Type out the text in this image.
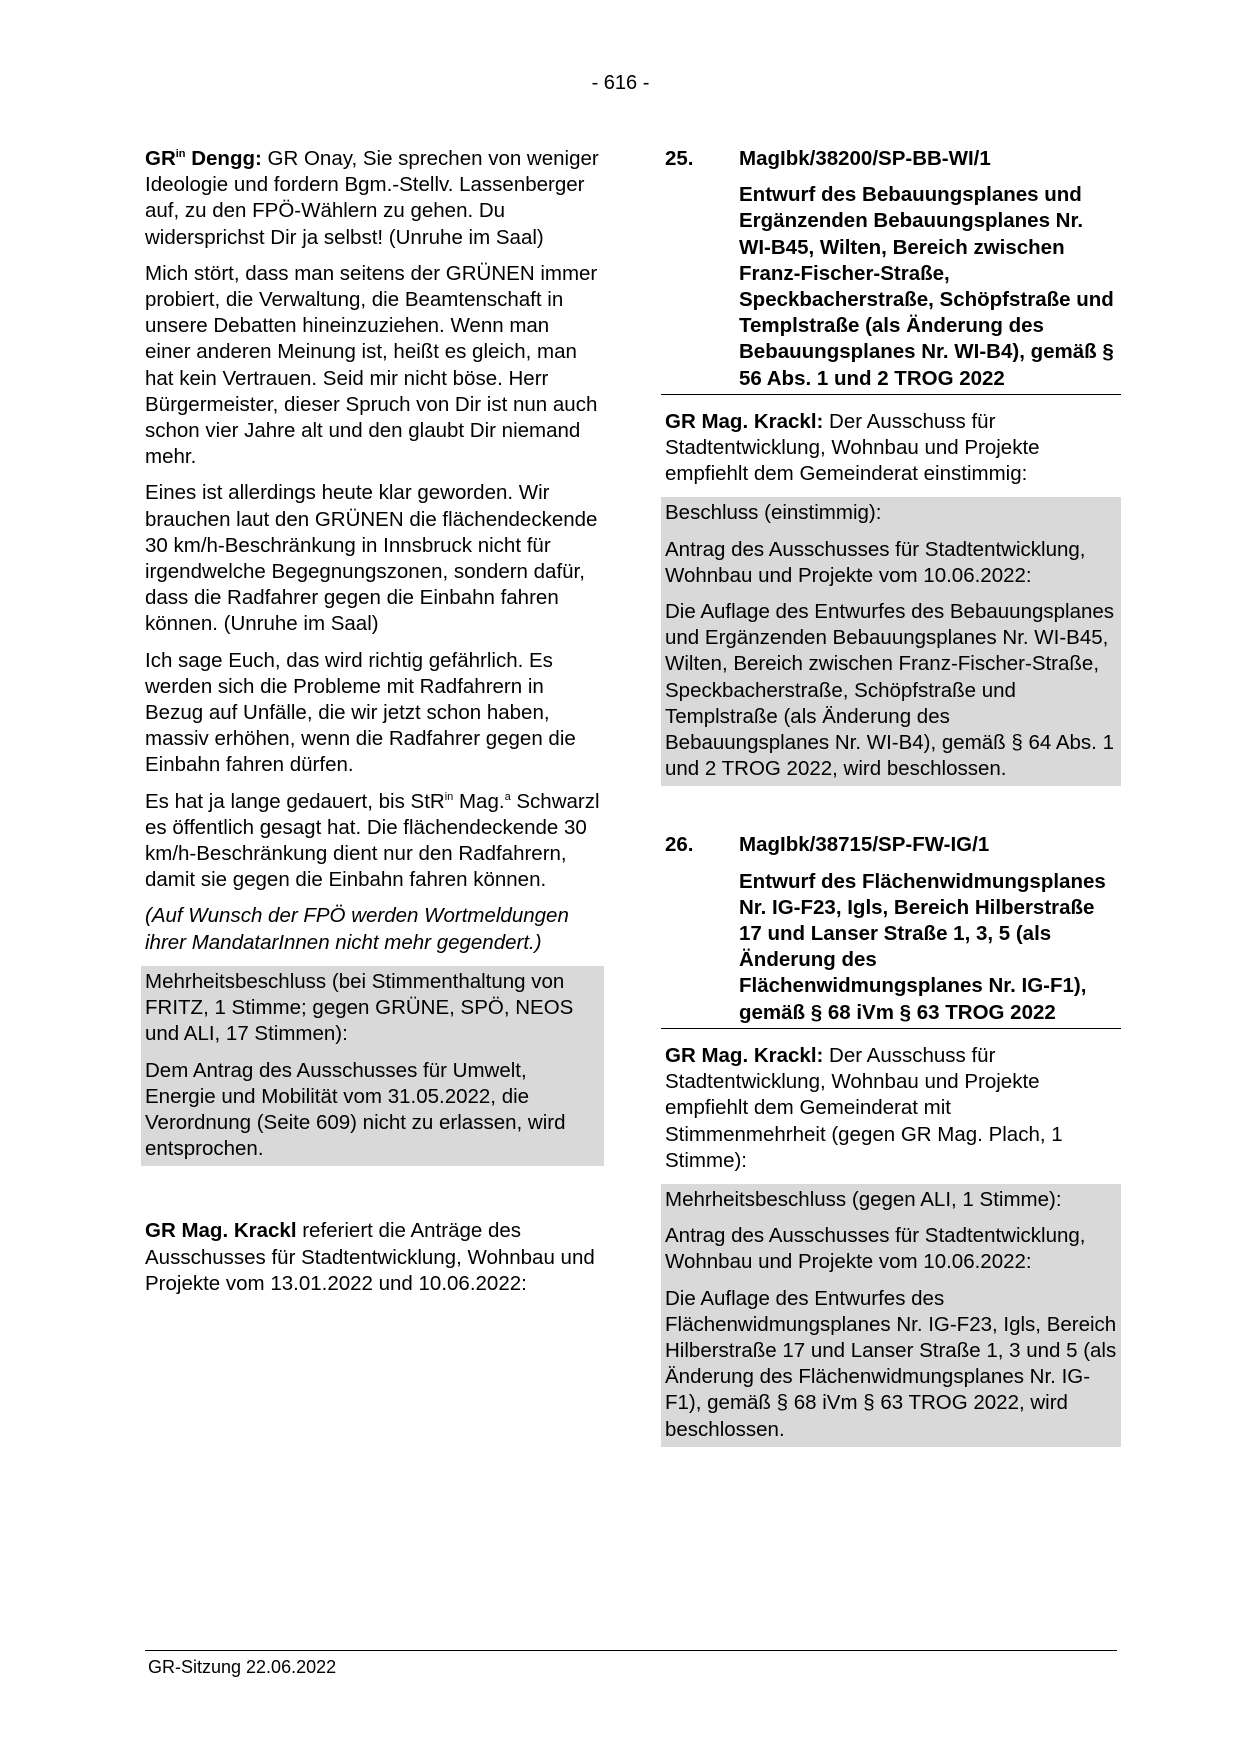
- 616 -

$GR^{in}$ Dengg: GR Onay, Sie sprechen von weniger Ideologie und fordern Bgm.-Stellv. Lassenberger auf, zu den FPÖ-Wählern zu gehen. Du widersprichst Dir ja selbst! (Unruhe im Saal)

Mich stört, dass man seitens der GRÜNEN immer probiert, die Verwaltung, die Beamtenschaft in unsere Debatten hineinzuziehen. Wenn man einer anderen Meinung ist, heißt es gleich, man hat kein Vertrauen. Seid mir nicht böse. Herr Bürgermeister, dieser Spruch von Dir ist nun auch schon vier Jahre alt und den glaubt Dir niemand mehr.

Eines ist allerdings heute klar geworden. Wir brauchen laut den GRÜNEN die flächendeckende 30 km/h-Beschränkung in Innsbruck nicht für irgendwelche Begegnungszonen, sondern dafür, dass die Radfahrer gegen die Einbahn fahren können. (Unruhe im Saal)

Ich sage Euch, das wird richtig gefährlich. Es werden sich die Probleme mit Radfahrern in Bezug auf Unfälle, die wir jetzt schon haben, massiv erhöhen, wenn die Radfahrer gegen die Einbahn fahren dürfen.

Es hat ja lange gedauert, bis StR$^{in}$ Mag.$^a$ Schwarzl es öffentlich gesagt hat. Die flächendeckende 30 km/h-Beschränkung dient nur den Radfahrern, damit sie gegen die Einbahn fahren können.

(Auf Wunsch der FPÖ werden Wortmeldungen ihrer MandatarInnen nicht mehr gegendert.)

Mehrheitsbeschluss (bei Stimmenthaltung von FRITZ, 1 Stimme; gegen GRÜNE, SPÖ, NEOS und ALI, 17 Stimmen):

Dem Antrag des Ausschusses für Umwelt, Energie und Mobilität vom 31.05.2022, die Verordnung (Seite 609) nicht zu erlassen, wird entsprochen.

GR Mag. Krackl referiert die Anträge des Ausschusses für Stadtentwicklung, Wohnbau und Projekte vom 13.01.2022 und 10.06.2022:

25.	MagIbk/38200/SP-BB-WI/1
Entwurf des Bebauungsplanes und Ergänzenden Bebauungsplanes Nr. WI-B45, Wilten, Bereich zwischen Franz-Fischer-Straße, Speckbacherstraße, Schöpfstraße und Templstraße (als Änderung des Bebauungsplanes Nr. WI-B4), gemäß § 56 Abs. 1 und 2 TROG 2022

GR Mag. Krackl: Der Ausschuss für Stadtentwicklung, Wohnbau und Projekte empfiehlt dem Gemeinderat einstimmig:

Beschluss (einstimmig):

Antrag des Ausschusses für Stadtentwicklung, Wohnbau und Projekte vom 10.06.2022:

Die Auflage des Entwurfes des Bebauungsplanes und Ergänzenden Bebauungsplanes Nr. WI-B45, Wilten, Bereich zwischen Franz-Fischer-Straße, Speckbacherstraße, Schöpfstraße und Templstraße (als Änderung des Bebauungsplanes Nr. WI-B4), gemäß § 64 Abs. 1 und 2 TROG 2022, wird beschlossen.

26.	MagIbk/38715/SP-FW-IG/1
Entwurf des Flächenwidmungsplanes Nr. IG-F23, Igls, Bereich Hilberstraße 17 und Lanser Straße 1, 3, 5 (als Änderung des Flächenwidmungsplanes Nr. IG-F1), gemäß § 68 iVm § 63 TROG 2022

GR Mag. Krackl: Der Ausschuss für Stadtentwicklung, Wohnbau und Projekte empfiehlt dem Gemeinderat mit Stimmenmehrheit (gegen GR Mag. Plach, 1 Stimme):

Mehrheitsbeschluss (gegen ALI, 1 Stimme):

Antrag des Ausschusses für Stadtentwicklung, Wohnbau und Projekte vom 10.06.2022:

Die Auflage des Entwurfes des Flächenwidmungsplanes Nr. IG-F23, Igls, Bereich Hilberstraße 17 und Lanser Straße 1, 3 und 5 (als Änderung des Flächenwidmungsplanes Nr. IG-F1), gemäß § 68 iVm § 63 TROG 2022, wird beschlossen.

GR-Sitzung 22.06.2022
